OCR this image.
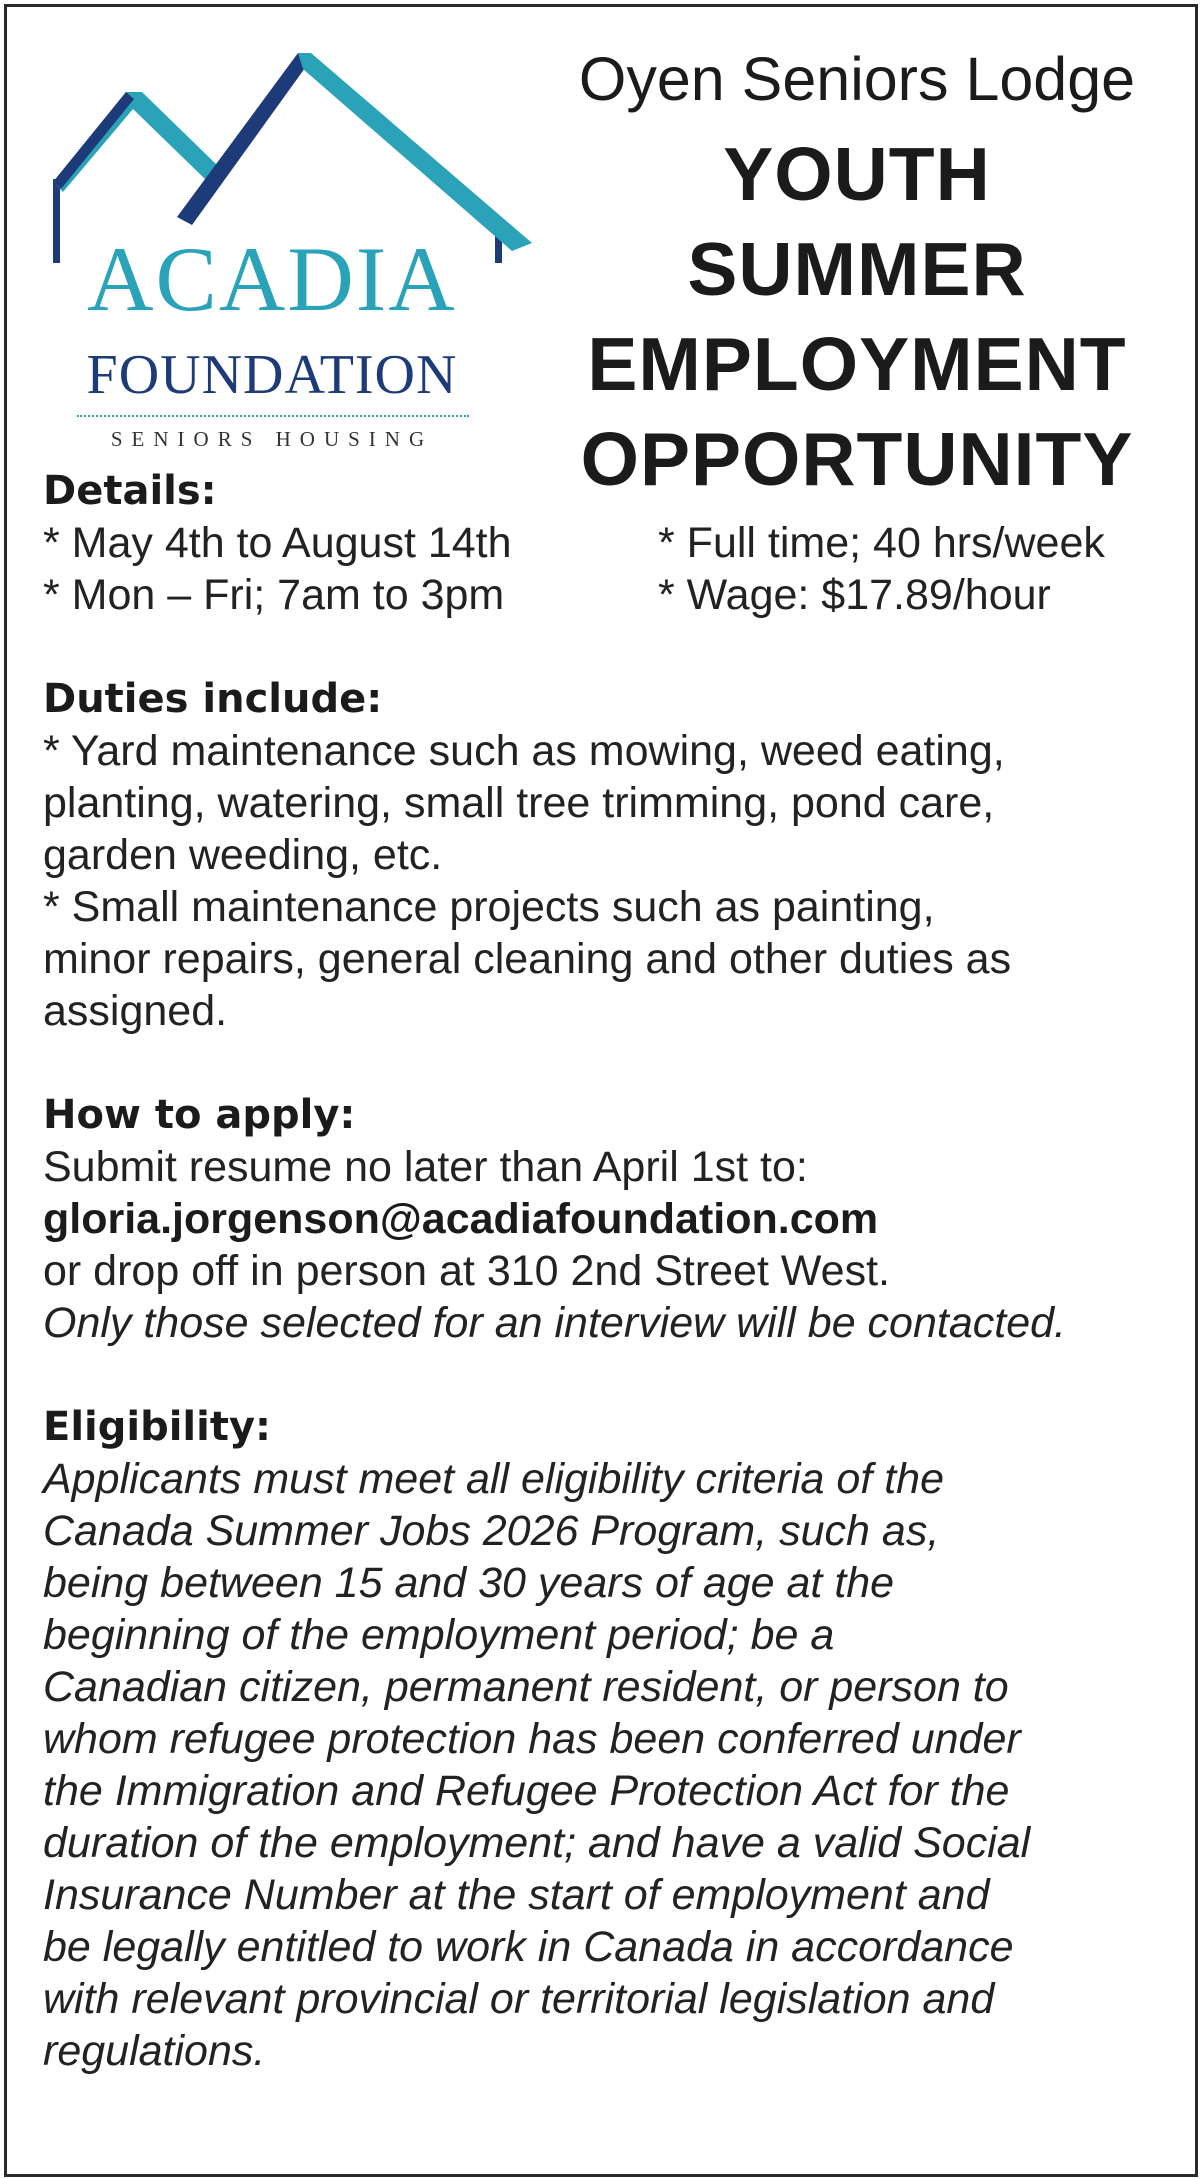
ACADIA
FOUNDATION
SENIORS HOUSING
Oyen Seniors Lodge
YOUTH SUMMER
EMPLOYMENT
OPPORTUNITY
Details:
* May 4th to August 14th
* Mon – Fri; 7am to 3pm
* Full time; 40 hrs/week
* Wage: $17.89/hour
Duties include:
* Yard maintenance such as mowing, weed eating,
planting, watering, small tree trimming, pond care,
garden weeding, etc.
* Small maintenance projects such as painting,
minor repairs, general cleaning and other duties as
assigned.
How to apply:
Submit resume no later than April 1st to:
gloria.jorgenson@acadiafoundation.com
or drop off in person at 310 2nd Street West.
Only those selected for an interview will be contacted.
Eligibility:
Applicants must meet all eligibility criteria of the
Canada Summer Jobs 2026 Program, such as,
being between 15 and 30 years of age at the
beginning of the employment period; be a
Canadian citizen, permanent resident, or person to
whom refugee protection has been conferred under
the Immigration and Refugee Protection Act for the
duration of the employment; and have a valid Social
Insurance Number at the start of employment and
be legally entitled to work in Canada in accordance
with relevant provincial or territorial legislation and
regulations.
